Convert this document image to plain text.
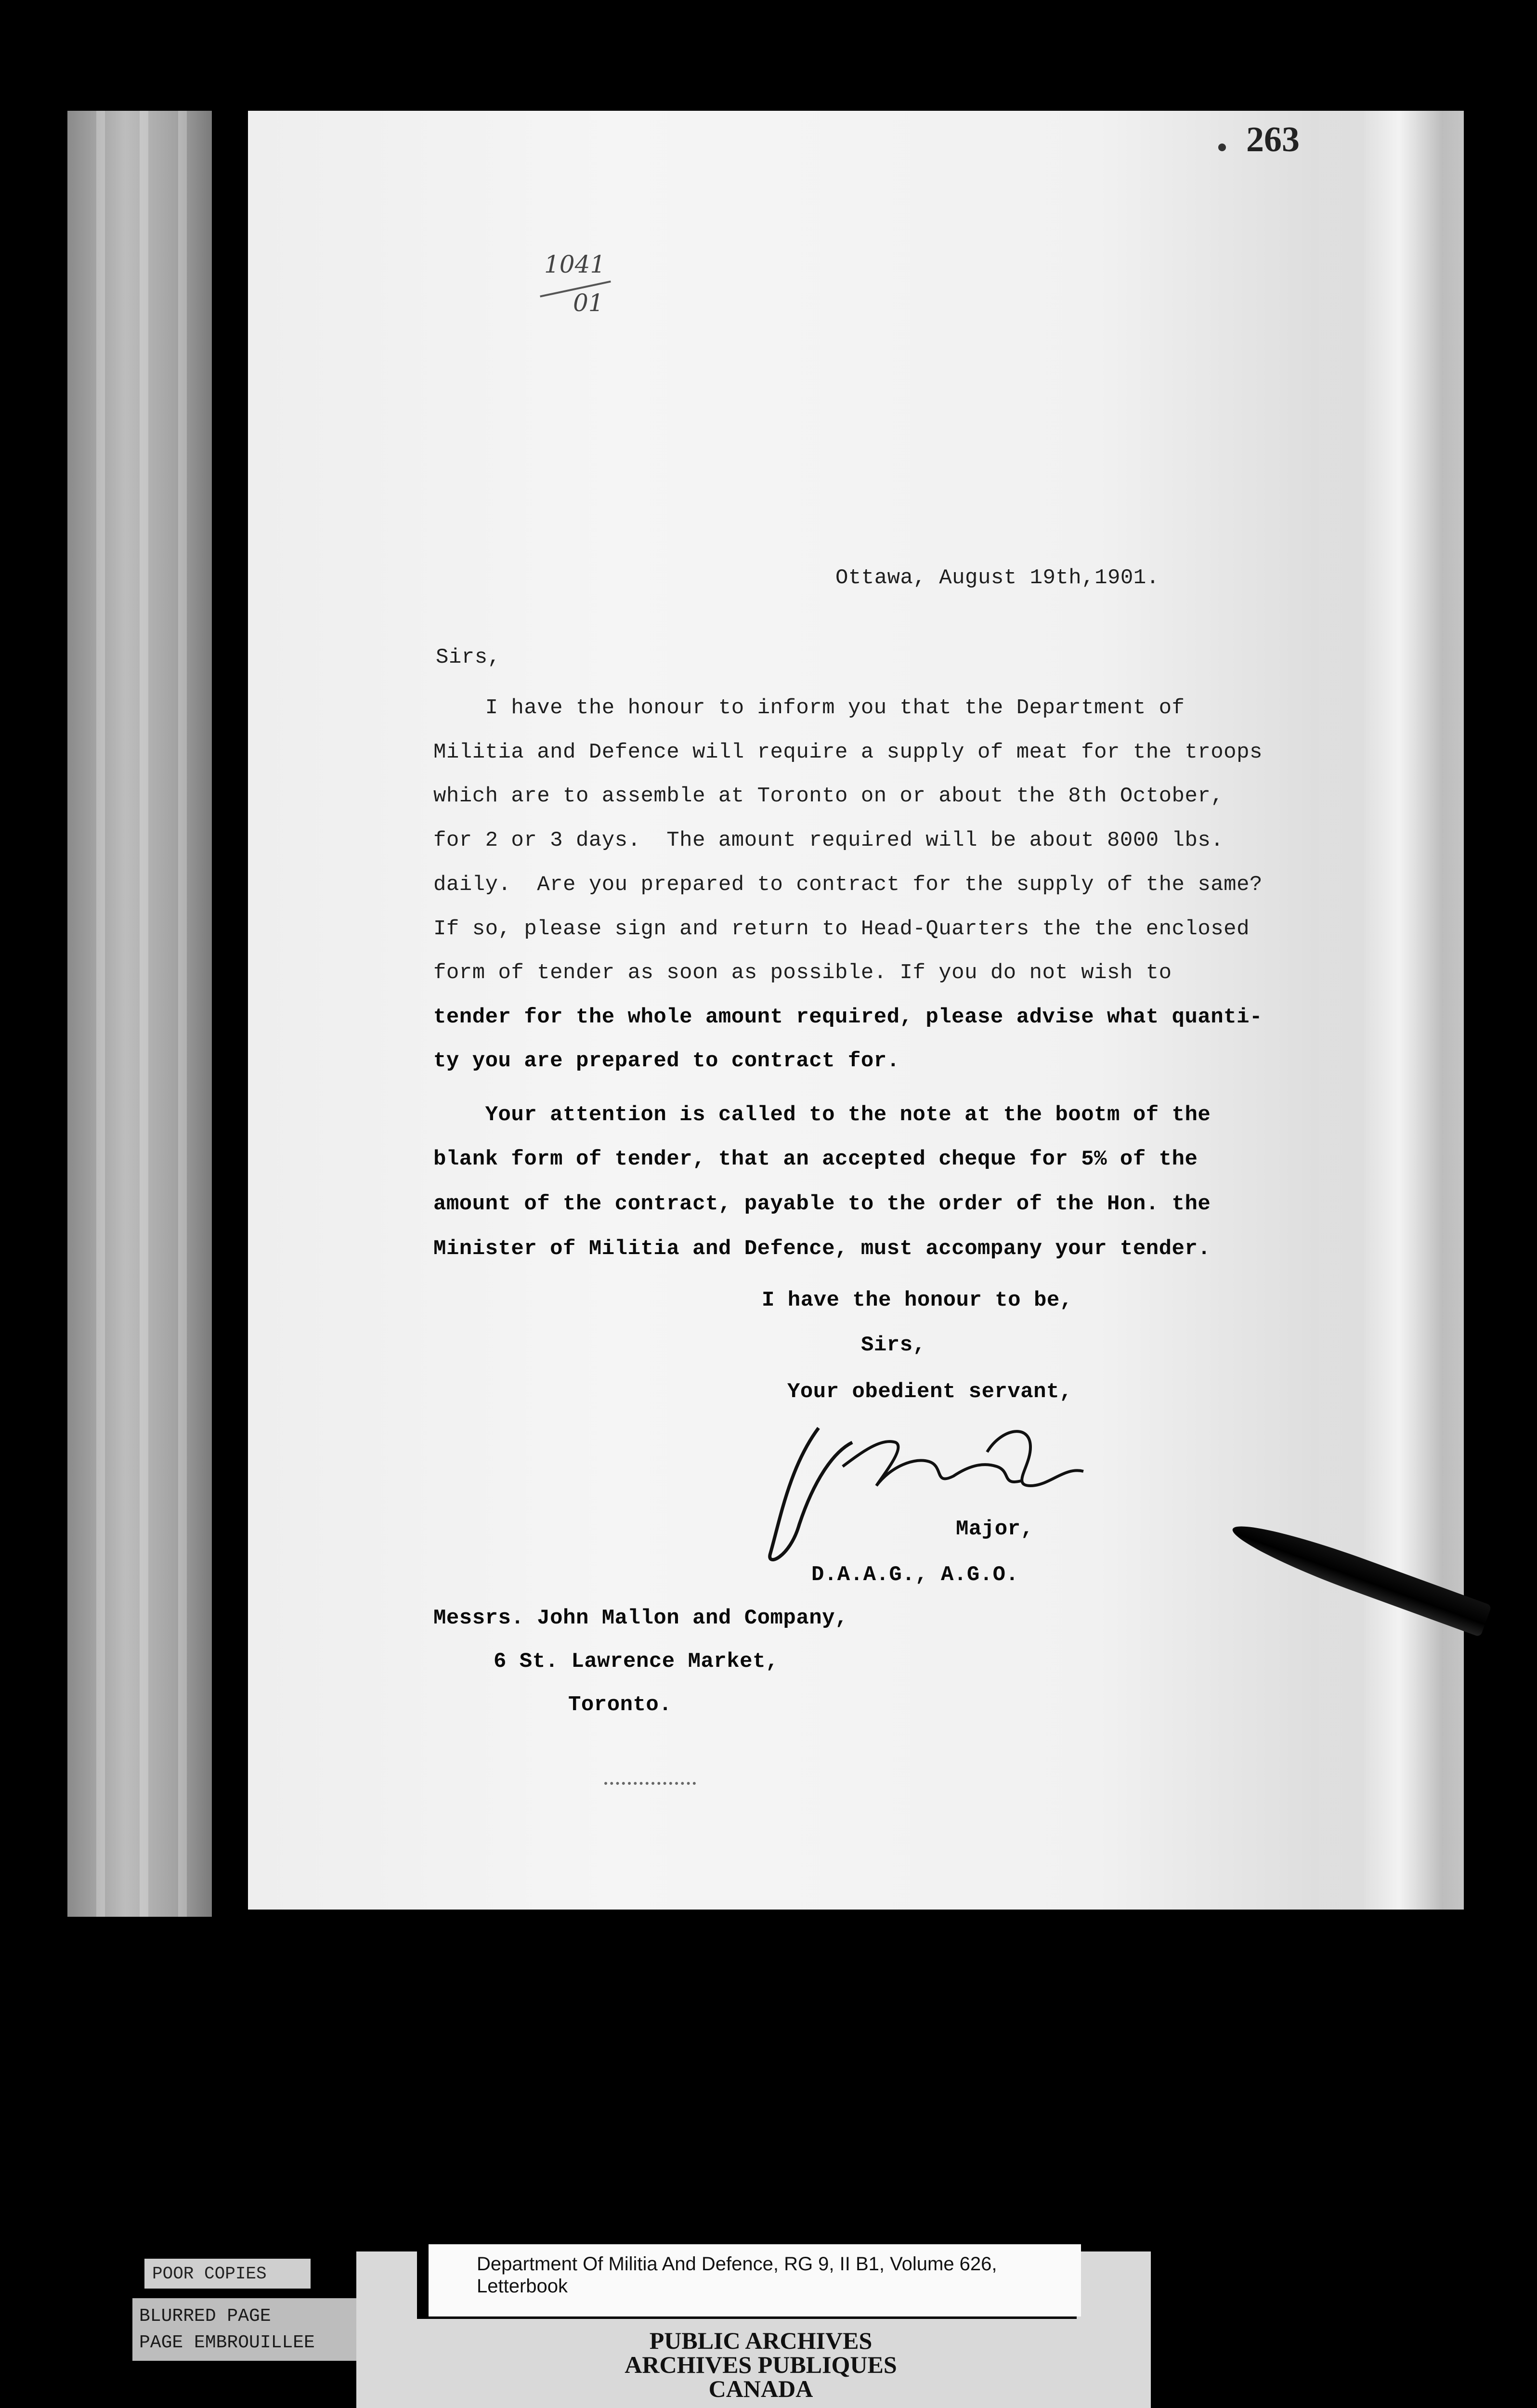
263
1041
01
Ottawa, August 19th,1901.
Sirs,
I have the honour to inform you that the Department of
Militia and Defence will require a supply of meat for the troops
which are to assemble at Toronto on or about the 8th October,
for 2 or 3 days.  The amount required will be about 8000 lbs.
daily.  Are you prepared to contract for the supply of the same?
If so, please sign and return to Head-Quarters the the enclosed
form of tender as soon as possible. If you do not wish to
tender for the whole amount required, please advise what quanti-
ty you are prepared to contract for.
Your attention is called to the note at the bootm of the
blank form of tender, that an accepted cheque for 5% of the
amount of the contract, payable to the order of the Hon. the
Minister of Militia and Defence, must accompany your tender.
I have the honour to be,
Sirs,
Your obedient servant,
Major,
D.A.A.G., A.G.O.
Messrs. John Mallon and Company,
6 St. Lawrence Market,
Toronto.
POOR COPIES
BLURRED PAGE
PAGE EMBROUILLEE
Department Of Militia And Defence, RG 9, II B1, Volume 626,
Letterbook
PUBLIC ARCHIVES
ARCHIVES PUBLIQUES
CANADA
